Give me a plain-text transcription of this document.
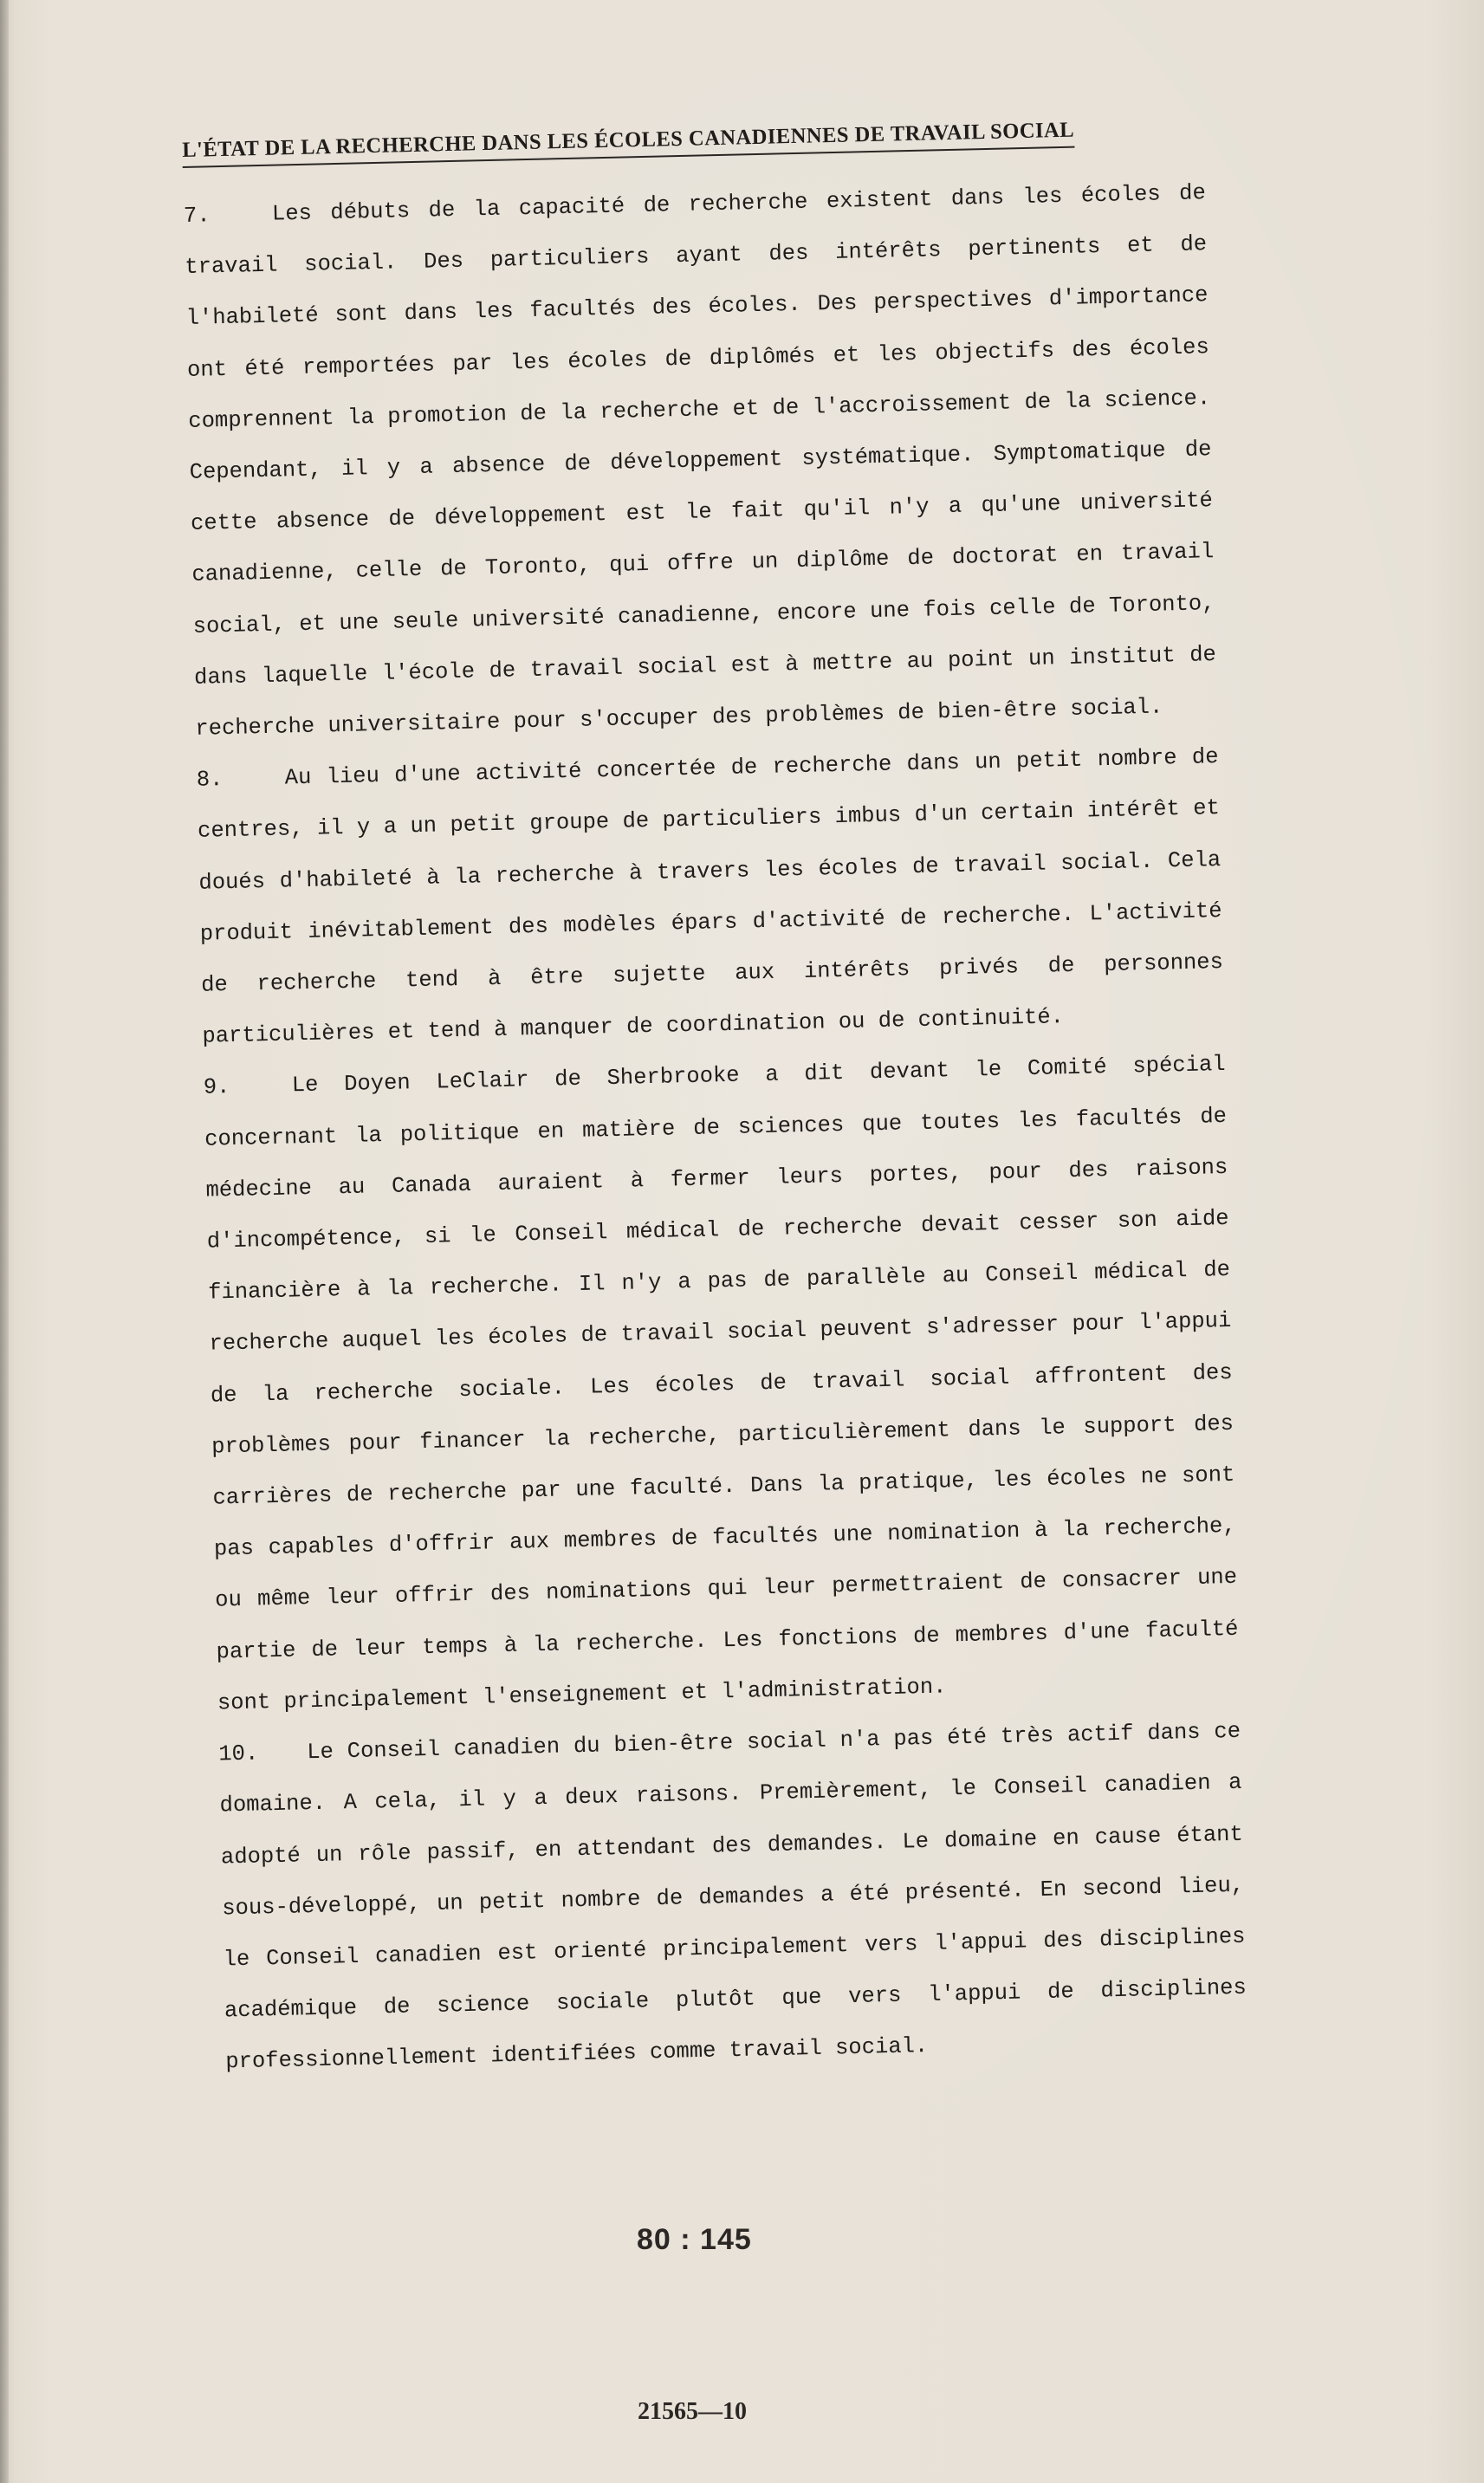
L'ÉTAT DE LA RECHERCHE DANS LES ÉCOLES CANADIENNES DE TRAVAIL SOCIAL

7.	Les débuts de la capacité de recherche existent dans les écoles de travail social. Des particuliers ayant des intérêts pertinents et de l'habileté sont dans les facultés des écoles. Des perspectives d'importance ont été remportées par les écoles de diplômés et les objectifs des écoles comprennent la promotion de la recherche et de l'accroissement de la science. Cependant, il y a absence de développement systématique. Symptomatique de cette absence de développement est le fait qu'il n'y a qu'une université canadienne, celle de Toronto, qui offre un diplôme de doctorat en travail social, et une seule université canadienne, encore une fois celle de Toronto, dans laquelle l'école de travail social est à mettre au point un institut de recherche universitaire pour s'occuper des problèmes de bien-être social.

8.	Au lieu d'une activité concertée de recherche dans un petit nombre de centres, il y a un petit groupe de particuliers imbus d'un certain intérêt et doués d'habileté à la recherche à travers les écoles de travail social. Cela produit inévitablement des modèles épars d'activité de recherche. L'activité de recherche tend à être sujette aux intérêts privés de personnes particulières et tend à manquer de coordination ou de continuité.

9.	Le Doyen LeClair de Sherbrooke a dit devant le Comité spécial concernant la politique en matière de sciences que toutes les facultés de médecine au Canada auraient à fermer leurs portes, pour des raisons d'incompétence, si le Conseil médical de recherche devait cesser son aide financière à la recherche. Il n'y a pas de parallèle au Conseil médical de recherche auquel les écoles de travail social peuvent s'adresser pour l'appui de la recherche sociale. Les écoles de travail social affrontent des problèmes pour financer la recherche, particulièrement dans le support des carrières de recherche par une faculté. Dans la pratique, les écoles ne sont pas capables d'offrir aux membres de facultés une nomination à la recherche, ou même leur offrir des nominations qui leur permettraient de consacrer une partie de leur temps à la recherche. Les fonctions de membres d'une faculté sont principalement l'enseignement et l'administration.

10. Le Conseil canadien du bien-être social n'a pas été très actif dans ce domaine. A cela, il y a deux raisons. Premièrement, le Conseil canadien a adopté un rôle passif, en attendant des demandes. Le domaine en cause étant sous-développé, un petit nombre de demandes a été présenté. En second lieu, le Conseil canadien est orienté principalement vers l'appui des disciplines académique de science sociale plutôt que vers l'appui de disciplines professionnellement identifiées comme travail social.

80 : 145
21565—10
